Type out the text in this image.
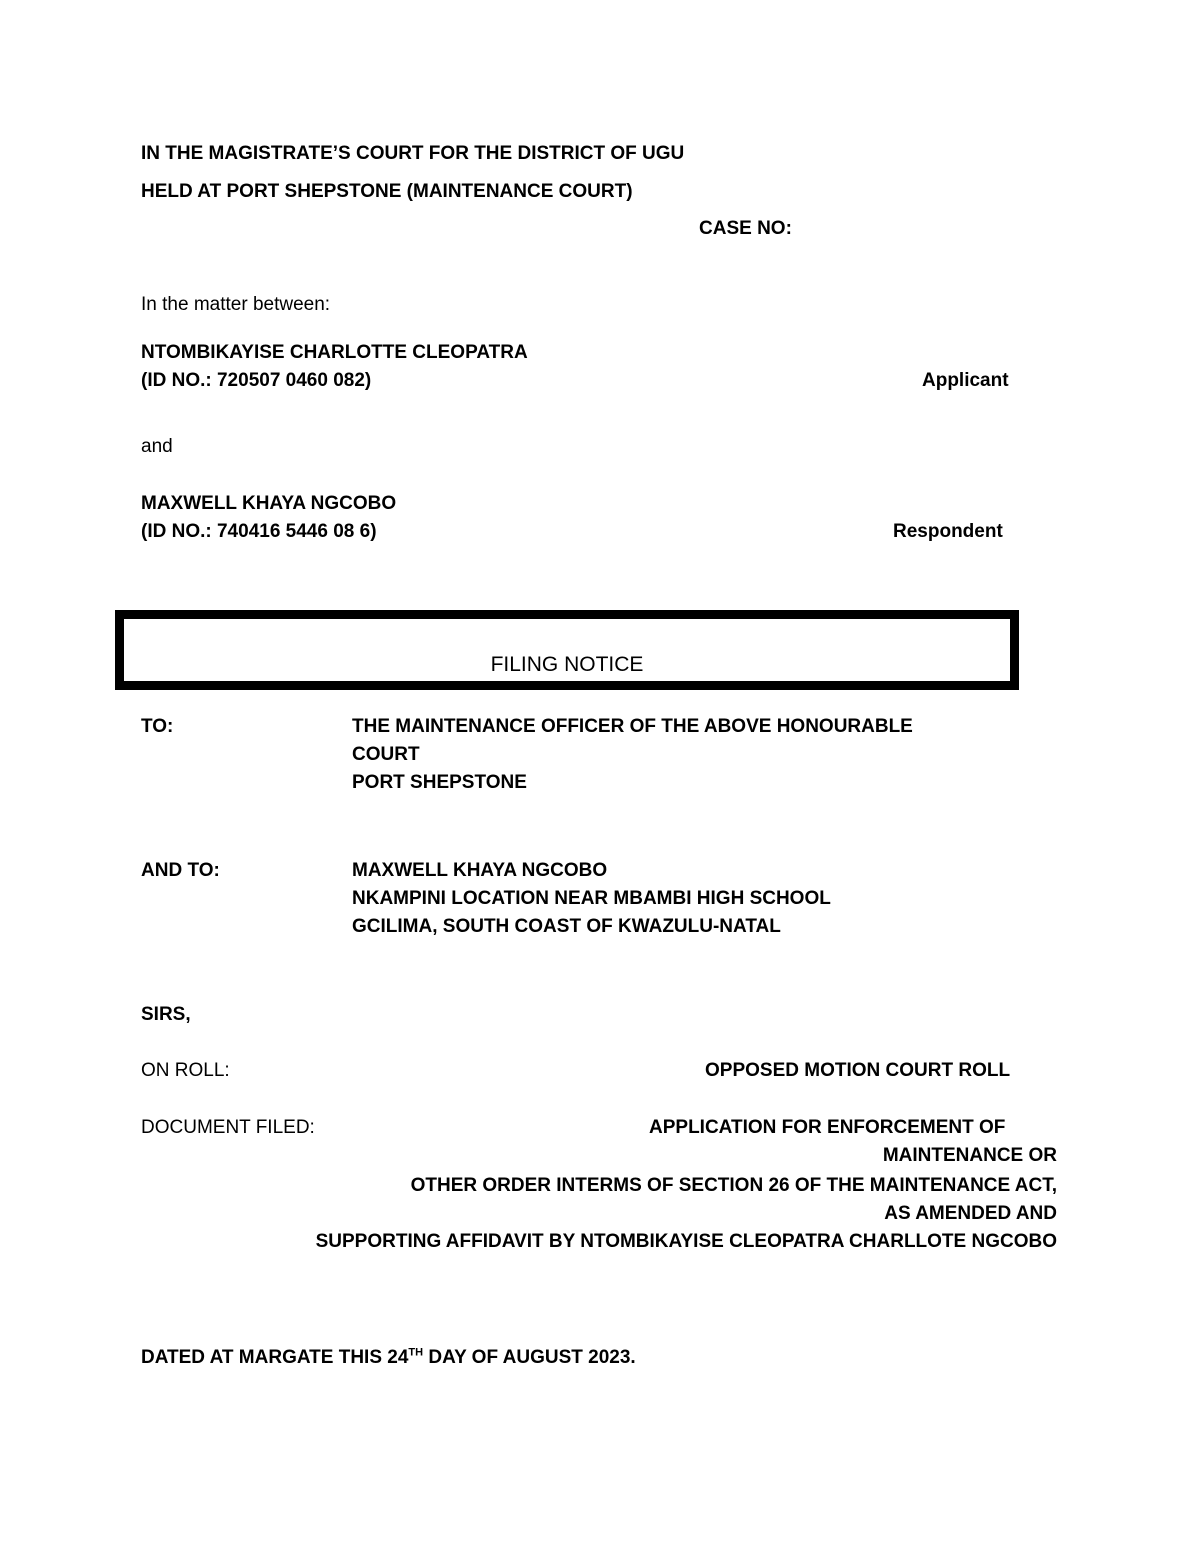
IN THE MAGISTRATE’S COURT FOR THE DISTRICT OF UGU
HELD AT PORT SHEPSTONE (MAINTENANCE COURT)
CASE NO:
In the matter between:
NTOMBIKAYISE CHARLOTTE CLEOPATRA
(ID NO.: 720507 0460 082)	Applicant
and
MAXWELL KHAYA NGCOBO
(ID NO.: 740416 5446 08 6)	Respondent
FILING NOTICE
TO:	THE MAINTENANCE OFFICER OF THE ABOVE HONOURABLE
COURT
PORT SHEPSTONE
AND TO:	MAXWELL KHAYA NGCOBO
NKAMPINI LOCATION NEAR MBAMBI HIGH SCHOOL
GCILIMA, SOUTH COAST OF KWAZULU-NATAL
SIRS,
ON ROLL:	OPPOSED MOTION COURT ROLL
DOCUMENT FILED:	APPLICATION FOR ENFORCEMENT OF
MAINTENANCE OR
OTHER ORDER INTERMS OF SECTION 26 OF THE MAINTENANCE ACT,
AS AMENDED AND
SUPPORTING AFFIDAVIT BY NTOMBIKAYISE CLEOPATRA CHARLLOTE NGCOBO
DATED AT MARGATE THIS 24TH DAY OF AUGUST 2023.
